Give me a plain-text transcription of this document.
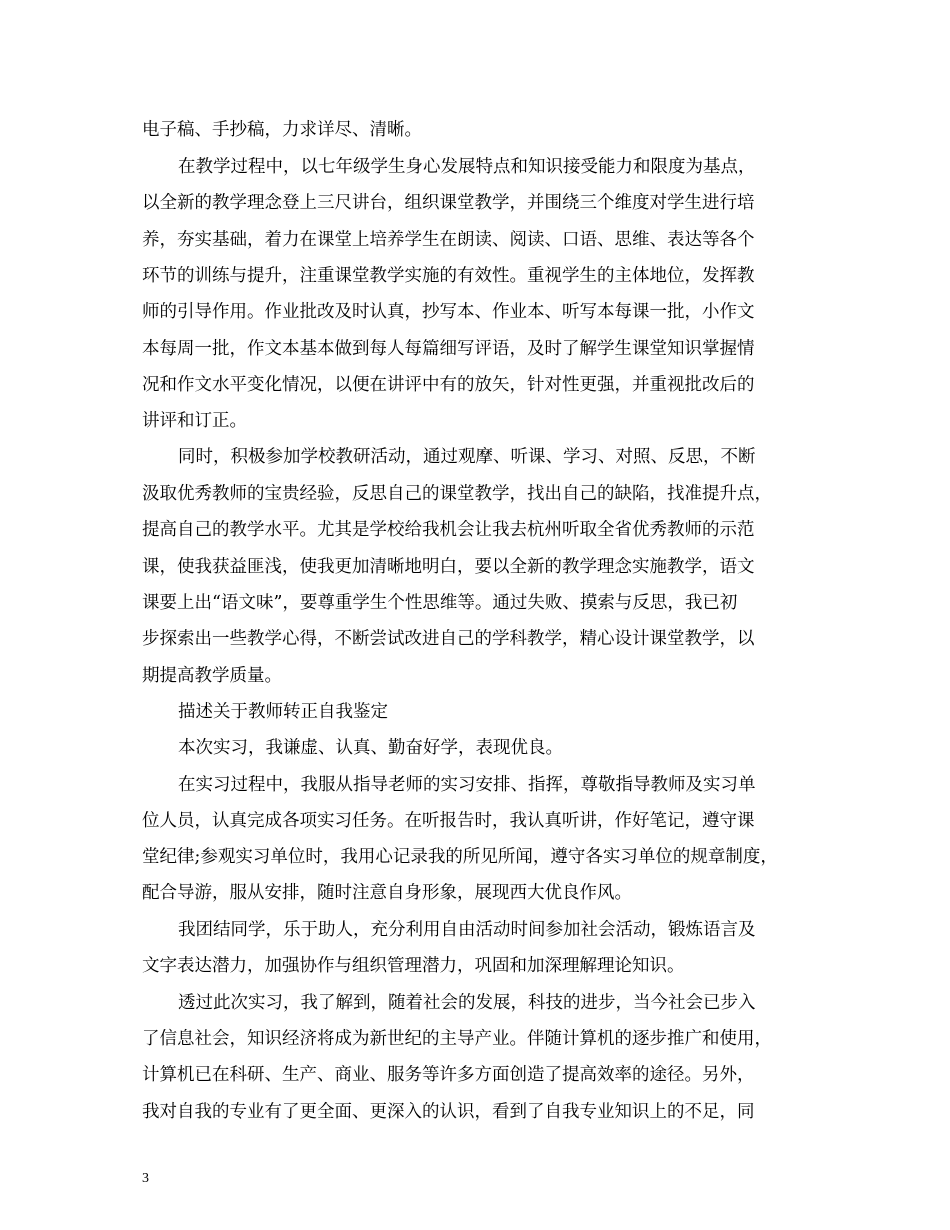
电子稿、手抄稿，力求详尽、清晰。
在教学过程中，以七年级学生身心发展特点和知识接受能力和限度为基点，
以全新的教学理念登上三尺讲台，组织课堂教学，并围绕三个维度对学生进行培
养，夯实基础，着力在课堂上培养学生在朗读、阅读、口语、思维、表达等各个
环节的训练与提升，注重课堂教学实施的有效性。重视学生的主体地位，发挥教
师的引导作用。作业批改及时认真，抄写本、作业本、听写本每课一批，小作文
本每周一批，作文本基本做到每人每篇细写评语，及时了解学生课堂知识掌握情
况和作文水平变化情况，以便在讲评中有的放矢，针对性更强，并重视批改后的
讲评和订正。
同时，积极参加学校教研活动，通过观摩、听课、学习、对照、反思，不断
汲取优秀教师的宝贵经验，反思自己的课堂教学，找出自己的缺陷，找准提升点，
提高自己的教学水平。尤其是学校给我机会让我去杭州听取全省优秀教师的示范
课，使我获益匪浅，使我更加清晰地明白，要以全新的教学理念实施教学，语文
课要上出“语文味”，要尊重学生个性思维等。通过失败、摸索与反思，我已初
步探索出一些教学心得，不断尝试改进自己的学科教学，精心设计课堂教学，以
期提高教学质量。
描述关于教师转正自我鉴定
本次实习，我谦虚、认真、勤奋好学，表现优良。
在实习过程中，我服从指导老师的实习安排、指挥，尊敬指导教师及实习单
位人员，认真完成各项实习任务。在听报告时，我认真听讲，作好笔记，遵守课
堂纪律;参观实习单位时，我用心记录我的所见所闻，遵守各实习单位的规章制度，
配合导游，服从安排，随时注意自身形象，展现西大优良作风。
我团结同学，乐于助人，充分利用自由活动时间参加社会活动，锻炼语言及
文字表达潜力，加强协作与组织管理潜力，巩固和加深理解理论知识。
透过此次实习，我了解到，随着社会的发展，科技的进步，当今社会已步入
了信息社会，知识经济将成为新世纪的主导产业。伴随计算机的逐步推广和使用，
计算机已在科研、生产、商业、服务等许多方面创造了提高效率的途径。另外，
我对自我的专业有了更全面、更深入的认识，看到了自我专业知识上的不足，同
3
